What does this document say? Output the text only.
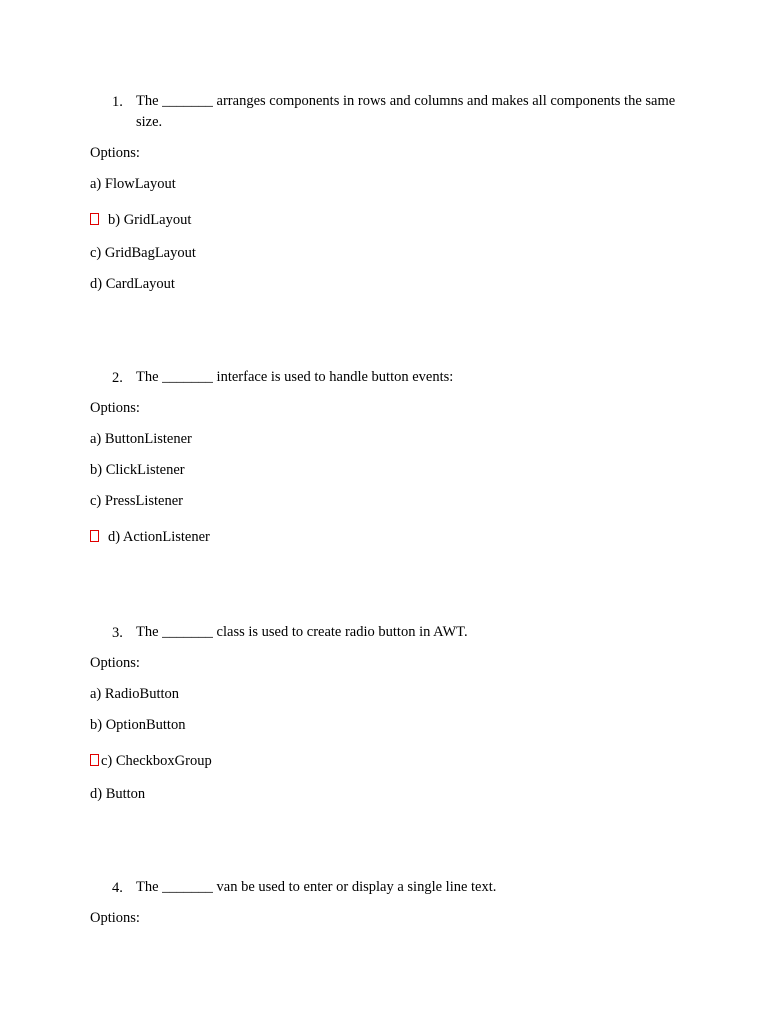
1. The _______ arranges components in rows and columns and makes all components the same size.
Options:
a) FlowLayout
b) GridLayout
c) GridBagLayout
d) CardLayout
2. The _______ interface is used to handle button events:
Options:
a) ButtonListener
b) ClickListener
c) PressListener
d) ActionListener
3. The _______ class is used to create radio button in AWT.
Options:
a) RadioButton
b) OptionButton
c) CheckboxGroup
d) Button
4. The _______ van be used to enter or display a single line text.
Options:
